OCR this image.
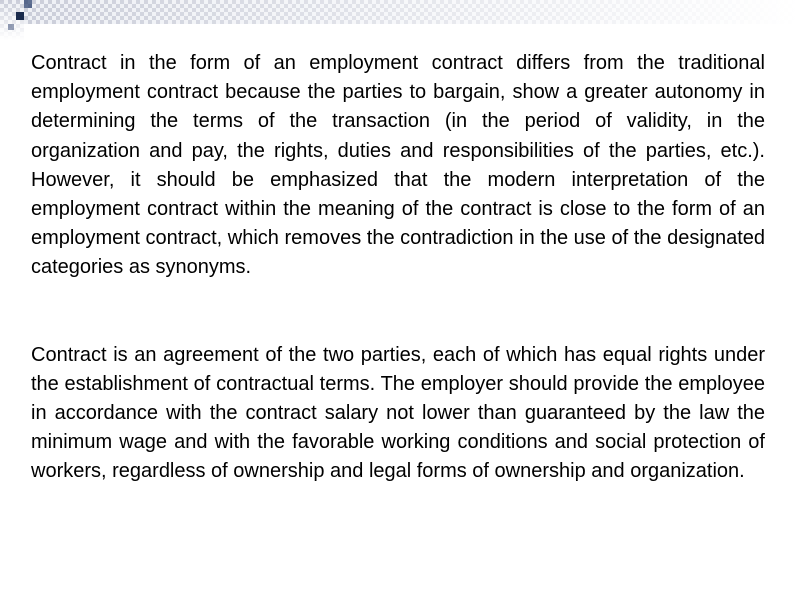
Contract in the form of an employment contract differs from the traditional employment contract because the parties to bargain, show a greater autonomy in determining the terms of the transaction (in the period of validity, in the organization and pay, the rights, duties and responsibilities of the parties, etc.). However, it should be emphasized that the modern interpretation of the employment contract within the meaning of the contract is close to the form of an employment contract, which removes the contradiction in the use of the designated categories as synonyms.

Contract is an agreement of the two parties, each of which has equal rights under the establishment of contractual terms. The employer should provide the employee in accordance with the contract salary not lower than guaranteed by the law the minimum wage and with the favorable working conditions and social protection of workers, regardless of ownership and legal forms of ownership and organization.
